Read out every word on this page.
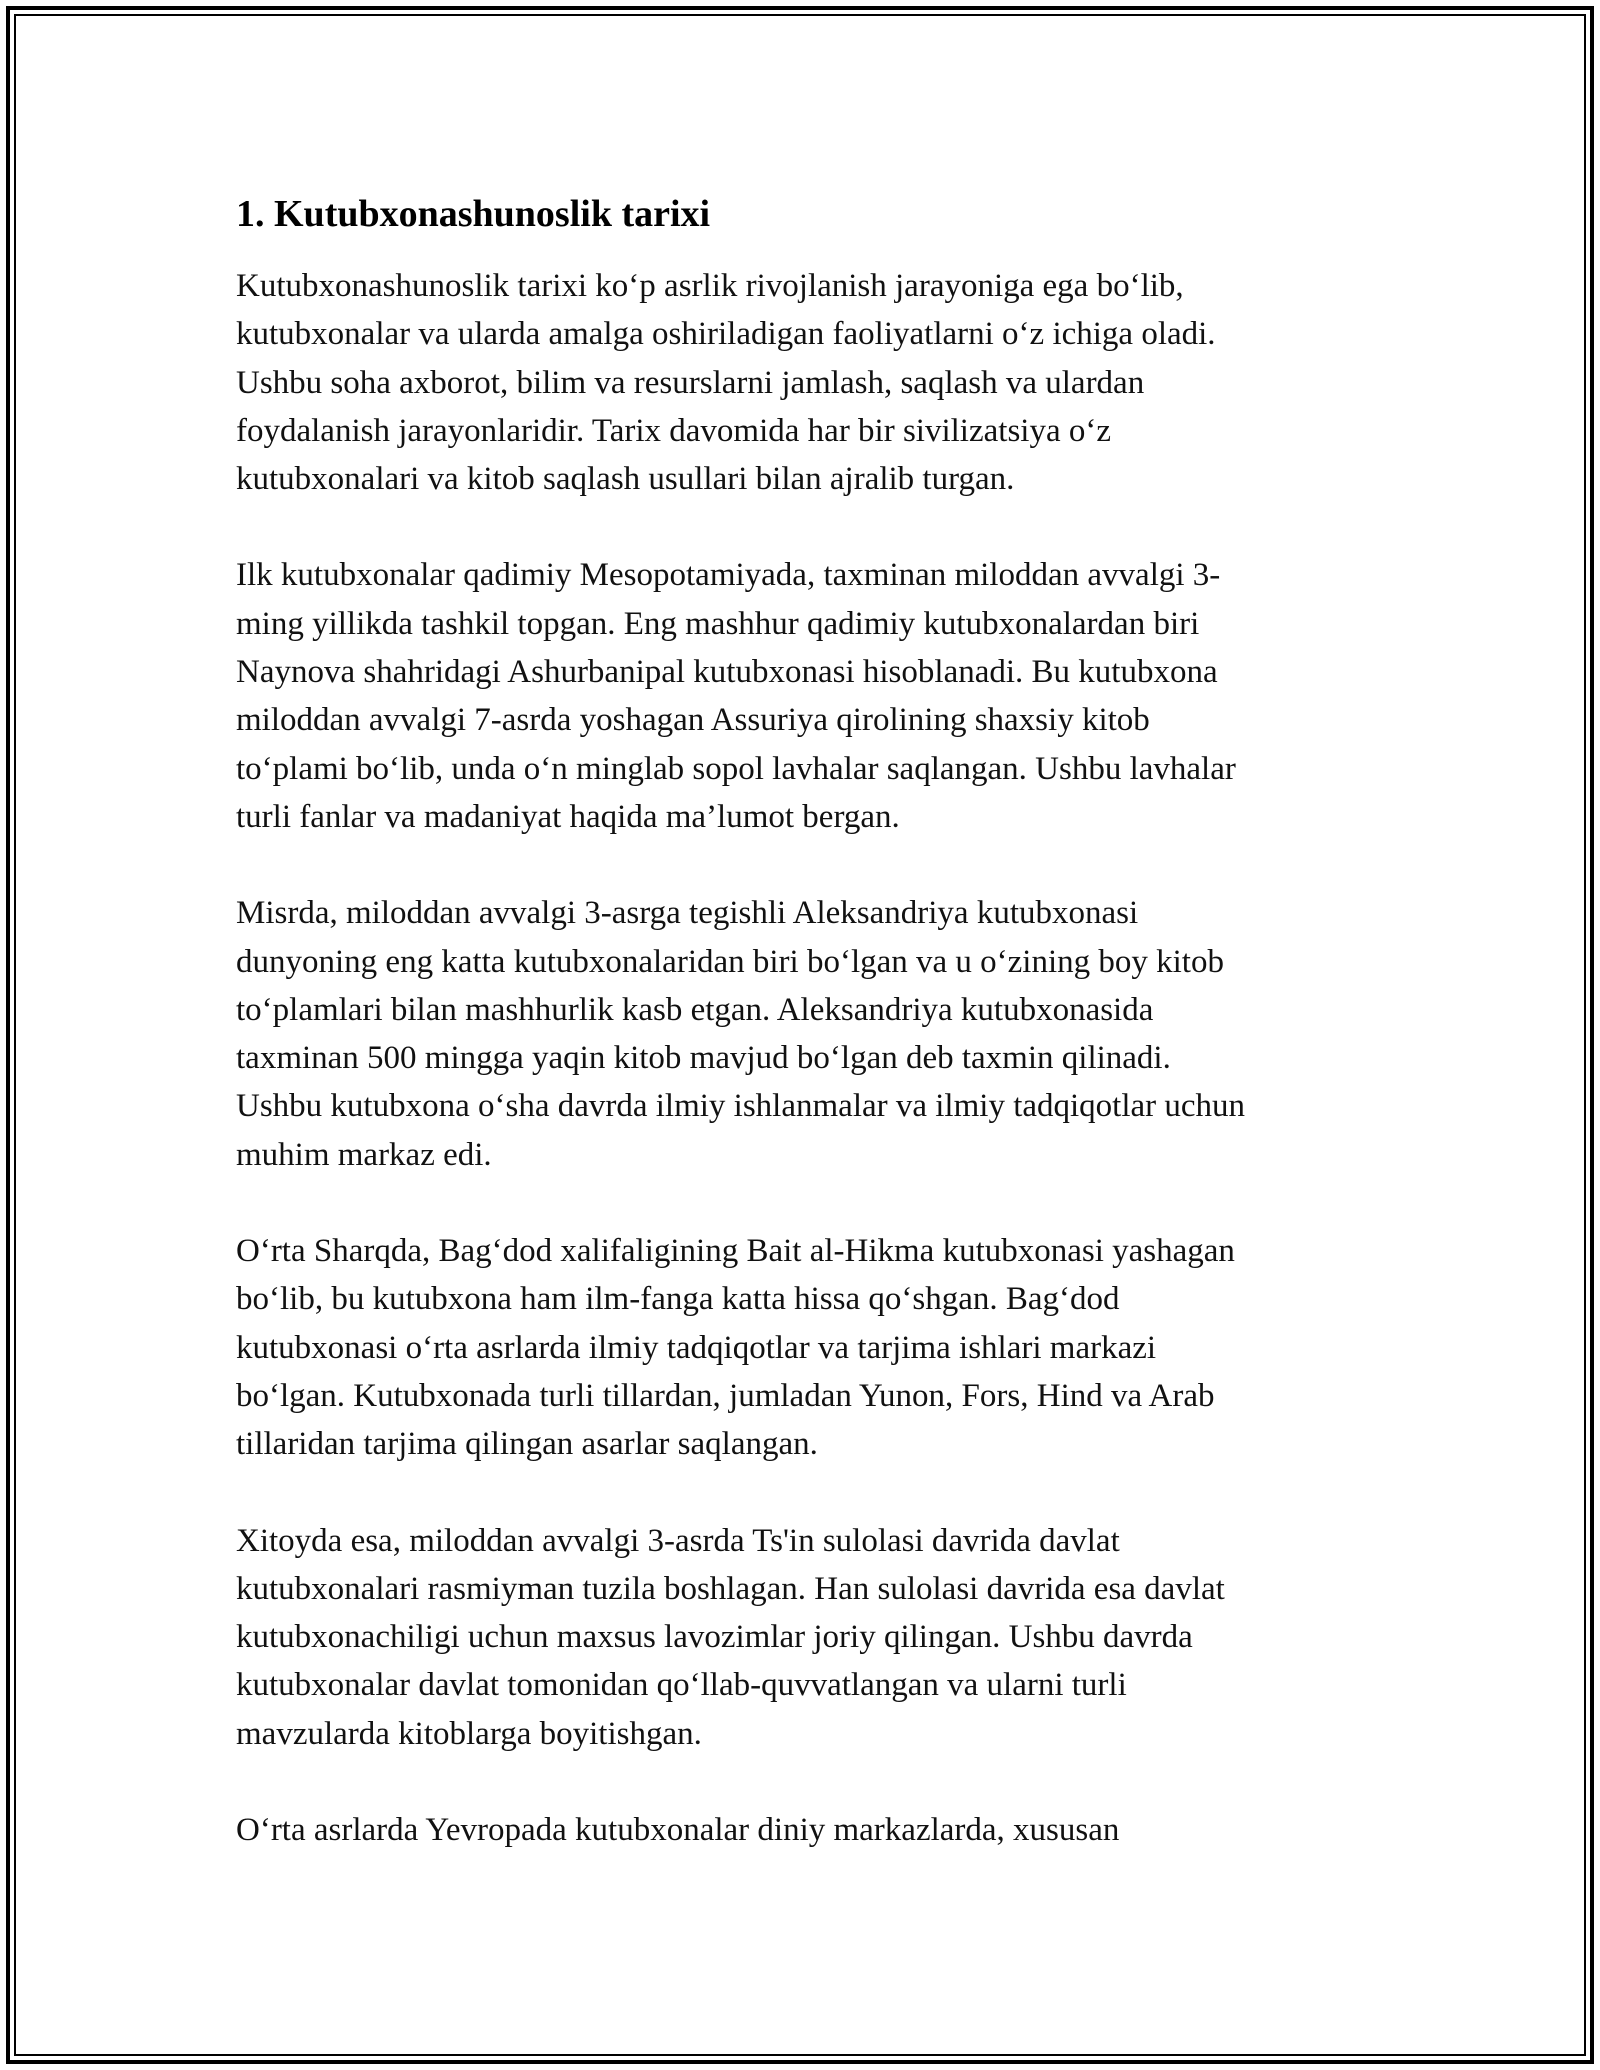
1. Kutubxonashunoslik tarixi

Kutubxonashunoslik tarixi ko‘p asrlik rivojlanish jarayoniga ega bo‘lib,
kutubxonalar va ularda amalga oshiriladigan faoliyatlarni o‘z ichiga oladi.
Ushbu soha axborot, bilim va resurslarni jamlash, saqlash va ulardan
foydalanish jarayonlaridir. Tarix davomida har bir sivilizatsiya o‘z
kutubxonalari va kitob saqlash usullari bilan ajralib turgan.

Ilk kutubxonalar qadimiy Mesopotamiyada, taxminan miloddan avvalgi 3-
ming yillikda tashkil topgan. Eng mashhur qadimiy kutubxonalardan biri
Naynova shahridagi Ashurbanipal kutubxonasi hisoblanadi. Bu kutubxona
miloddan avvalgi 7-asrda yoshagan Assuriya qirolining shaxsiy kitob
to‘plami bo‘lib, unda o‘n minglab sopol lavhalar saqlangan. Ushbu lavhalar
turli fanlar va madaniyat haqida ma’lumot bergan.

Misrda, miloddan avvalgi 3-asrga tegishli Aleksandriya kutubxonasi
dunyoning eng katta kutubxonalaridan biri bo‘lgan va u o‘zining boy kitob
to‘plamlari bilan mashhurlik kasb etgan. Aleksandriya kutubxonasida
taxminan 500 mingga yaqin kitob mavjud bo‘lgan deb taxmin qilinadi.
Ushbu kutubxona o‘sha davrda ilmiy ishlanmalar va ilmiy tadqiqotlar uchun
muhim markaz edi.

O‘rta Sharqda, Bag‘dod xalifaligining Bait al-Hikma kutubxonasi yashagan
bo‘lib, bu kutubxona ham ilm-fanga katta hissa qo‘shgan. Bag‘dod
kutubxonasi o‘rta asrlarda ilmiy tadqiqotlar va tarjima ishlari markazi
bo‘lgan. Kutubxonada turli tillardan, jumladan Yunon, Fors, Hind va Arab
tillaridan tarjima qilingan asarlar saqlangan.

Xitoyda esa, miloddan avvalgi 3-asrda Ts'in sulolasi davrida davlat
kutubxonalari rasmiyman tuzila boshlagan. Han sulolasi davrida esa davlat
kutubxonachiligi uchun maxsus lavozimlar joriy qilingan. Ushbu davrda
kutubxonalar davlat tomonidan qo‘llab-quvvatlangan va ularni turli
mavzularda kitoblarga boyitishgan.

O‘rta asrlarda Yevropada kutubxonalar diniy markazlarda, xususan
